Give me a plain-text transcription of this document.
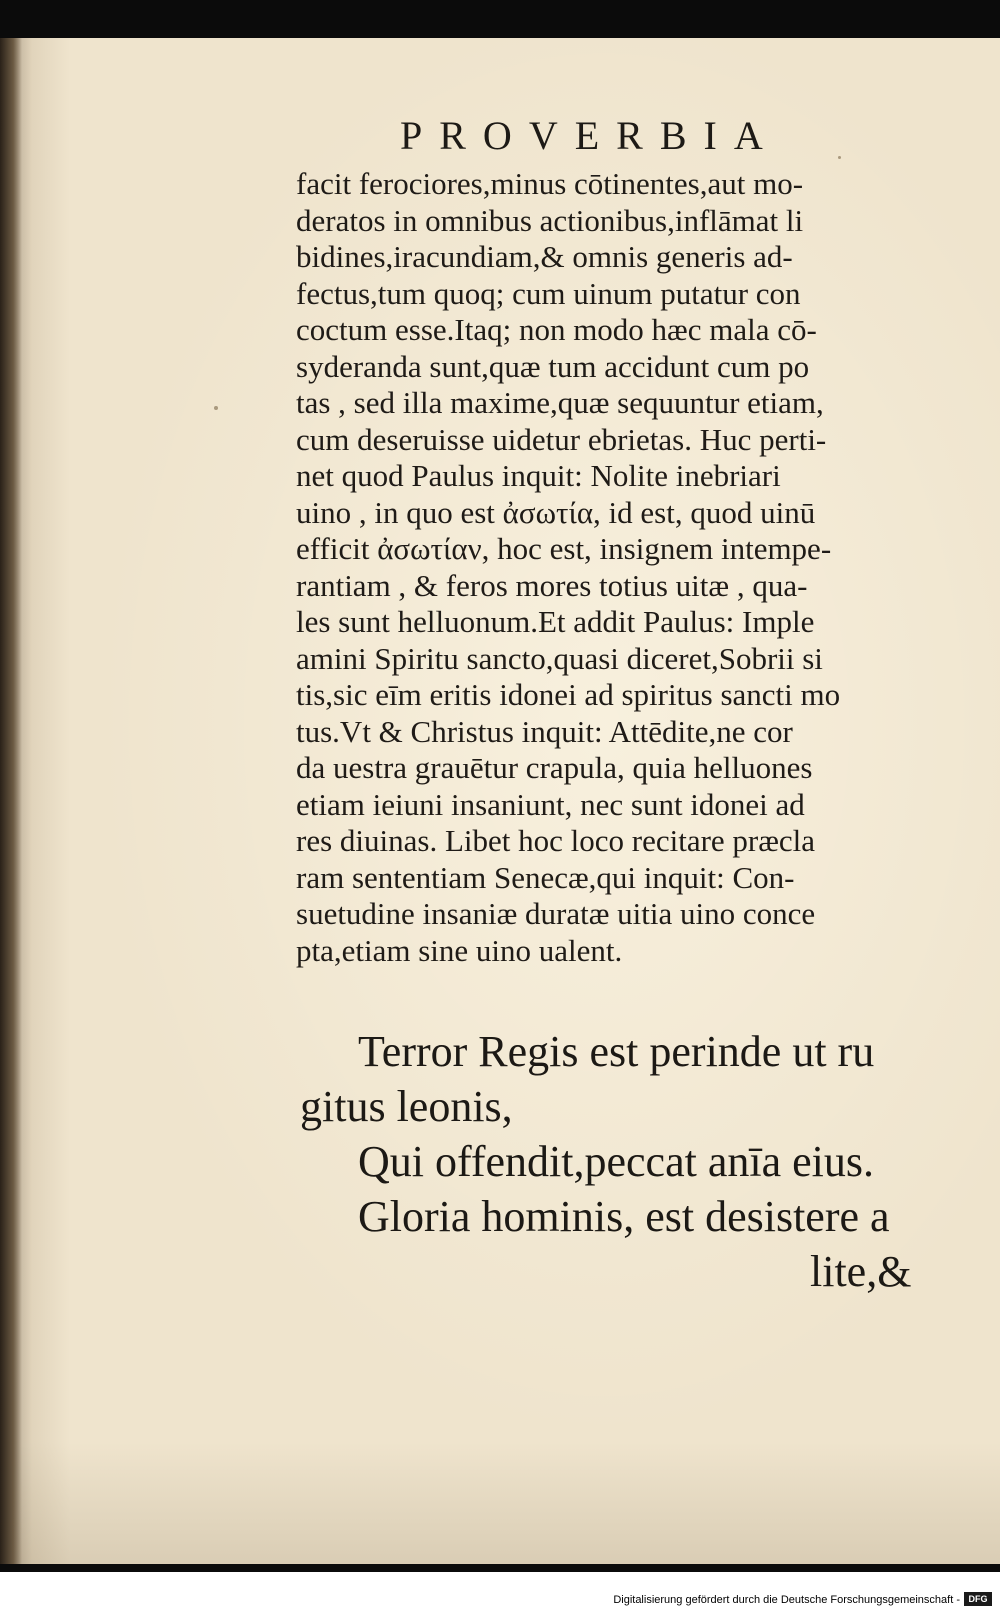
PROVERBIA
facit ferociores,minus cōtinentes,aut mo-
deratos in omnibus actionibus,inflāmat li
bidines,iracundiam,& omnis generis ad-
fectus,tum quoq; cum uinum putatur con
coctum esse.Itaq; non modo hæc mala cō-
syderanda sunt,quæ tum accidunt cum po
tas , sed illa maxime,quæ sequuntur etiam,
cum deseruisse uidetur ebrietas. Huc perti-
net quod Paulus inquit: Nolite inebriari
uino , in quo est ἀσωτία, id est, quod uinū
efficit ἀσωτίαν, hoc est, insignem intempe-
rantiam , & feros mores totius uitæ , qua-
les sunt helluonum.Et addit Paulus: Imple
amini Spiritu sancto,quasi diceret,Sobrii si
tis,sic eīm eritis idonei ad spiritus sancti mo
tus.Vt & Christus inquit: Attēdite,ne cor
da uestra grauētur crapula, quia helluones
etiam ieiuni insaniunt, nec sunt idonei ad
res diuinas. Libet hoc loco recitare præcla
ram sententiam Senecæ,qui inquit: Con-
suetudine insaniæ duratæ uitia uino conce
pta,etiam sine uino ualent.
Terror Regis est perinde ut ru
gitus leonis,
Qui offendit,peccat anīa eius.
Gloria hominis, est desistere a
lite,&
Digitalisierung gefördert durch die Deutsche Forschungsgemeinschaft - DFG
